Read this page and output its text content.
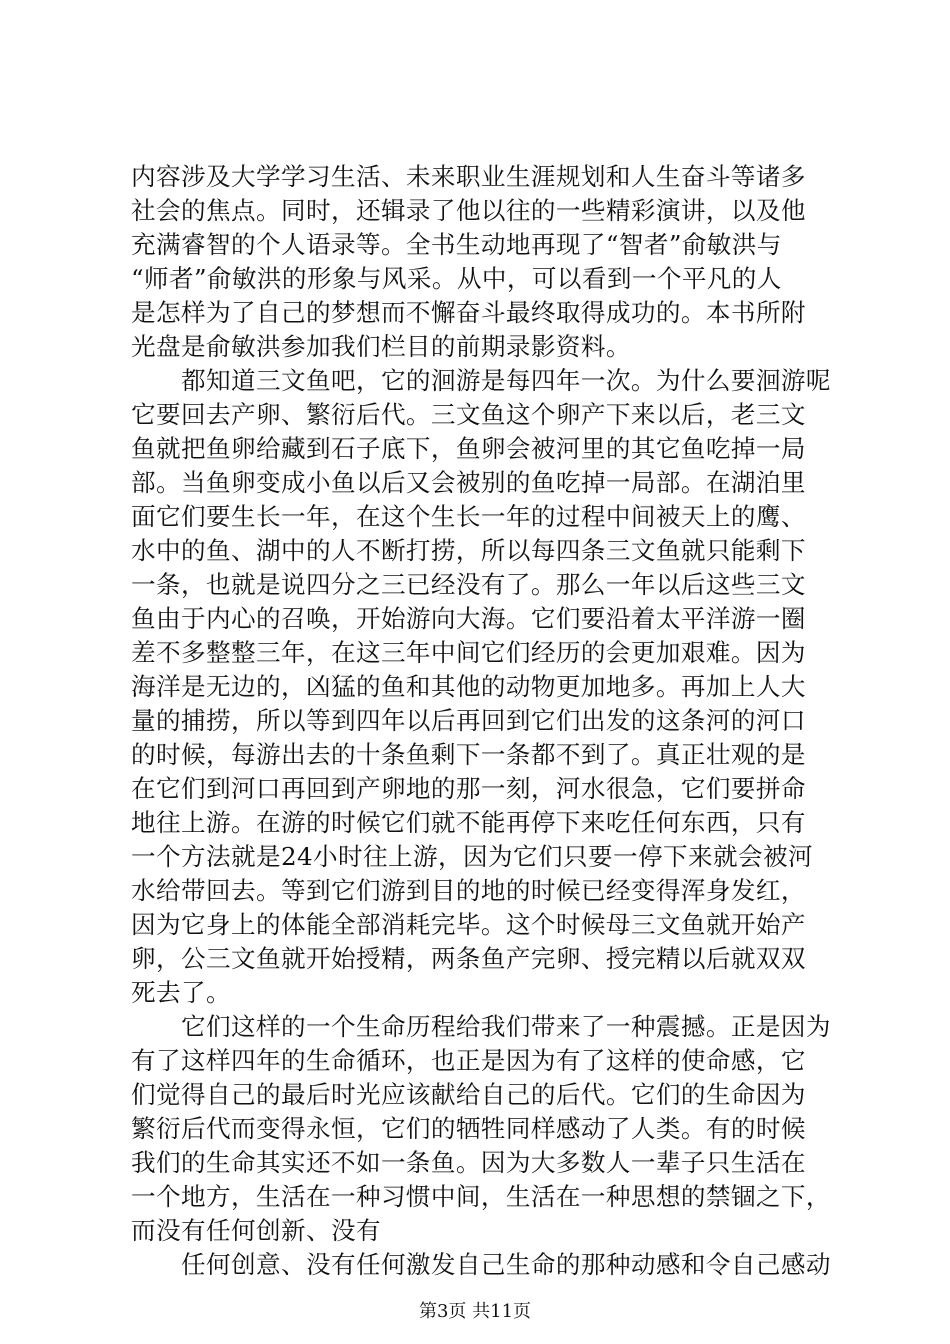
内容涉及大学学习生活、未来职业生涯规划和人生奋斗等诸多
社会的焦点。同时，还辑录了他以往的一些精彩演讲，以及他
充满睿智的个人语录等。全书生动地再现了“智者”俞敏洪与
“师者”俞敏洪的形象与风采。从中，可以看到一个平凡的人
是怎样为了自己的梦想而不懈奋斗最终取得成功的。本书所附
光盘是俞敏洪参加我们栏目的前期录影资料。
　　都知道三文鱼吧，它的洄游是每四年一次。为什么要洄游呢
它要回去产卵、繁衍后代。三文鱼这个卵产下来以后，老三文
鱼就把鱼卵给藏到石子底下，鱼卵会被河里的其它鱼吃掉一局
部。当鱼卵变成小鱼以后又会被别的鱼吃掉一局部。在湖泊里
面它们要生长一年，在这个生长一年的过程中间被天上的鹰、
水中的鱼、湖中的人不断打捞，所以每四条三文鱼就只能剩下
一条，也就是说四分之三已经没有了。那么一年以后这些三文
鱼由于内心的召唤，开始游向大海。它们要沿着太平洋游一圈
差不多整整三年，在这三年中间它们经历的会更加艰难。因为
海洋是无边的，凶猛的鱼和其他的动物更加地多。再加上人大
量的捕捞，所以等到四年以后再回到它们出发的这条河的河口
的时候，每游出去的十条鱼剩下一条都不到了。真正壮观的是
在它们到河口再回到产卵地的那一刻，河水很急，它们要拼命
地往上游。在游的时候它们就不能再停下来吃任何东西，只有
一个方法就是24小时往上游，因为它们只要一停下来就会被河
水给带回去。等到它们游到目的地的时候已经变得浑身发红，
因为它身上的体能全部消耗完毕。这个时候母三文鱼就开始产
卵，公三文鱼就开始授精，两条鱼产完卵、授完精以后就双双
死去了。
　　它们这样的一个生命历程给我们带来了一种震撼。正是因为
有了这样四年的生命循环，也正是因为有了这样的使命感，它
们觉得自己的最后时光应该献给自己的后代。它们的生命因为
繁衍后代而变得永恒，它们的牺牲同样感动了人类。有的时候
我们的生命其实还不如一条鱼。因为大多数人一辈子只生活在
一个地方，生活在一种习惯中间，生活在一种思想的禁锢之下，
而没有任何创新、没有
　　任何创意、没有任何激发自己生命的那种动感和令自己感动
第3页 共11页
